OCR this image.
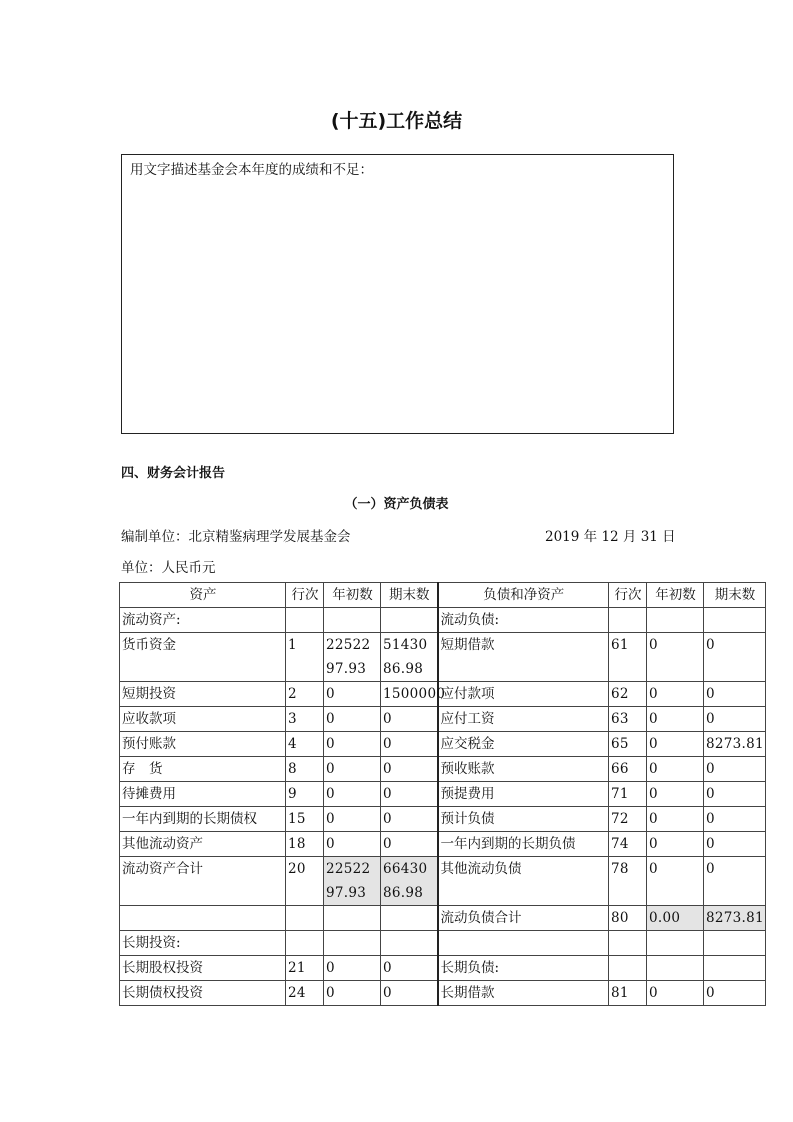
(十五)工作总结
用文字描述基金会本年度的成绩和不足：
四、财务会计报告
（一）资产负债表
编制单位：北京精鉴病理学发展基金会	2019 年 12 月 31 日
单位：人民币元
资产	行次	年初数	期末数	负债和净资产	行次	年初数	期末数
流动资产:				流动负债:			
货币资金	1	2252297.93	5143086.98	短期借款	61	0	0
短期投资	2	0	1500000	应付款项	62	0	0
应收款项	3	0	0	应付工资	63	0	0
预付账款	4	0	0	应交税金	65	0	8273.81
存　货	8	0	0	预收账款	66	0	0
待摊费用	9	0	0	预提费用	71	0	0
一年内到期的长期债权	15	0	0	预计负债	72	0	0
其他流动资产	18	0	0	一年内到期的长期负债	74	0	0
流动资产合计	20	2252297.93	6643086.98	其他流动负债	78	0	0
				流动负债合计	80	0.00	8273.81
长期投资:							
长期股权投资	21	0	0	长期负债:			
长期债权投资	24	0	0	长期借款	81	0	0
